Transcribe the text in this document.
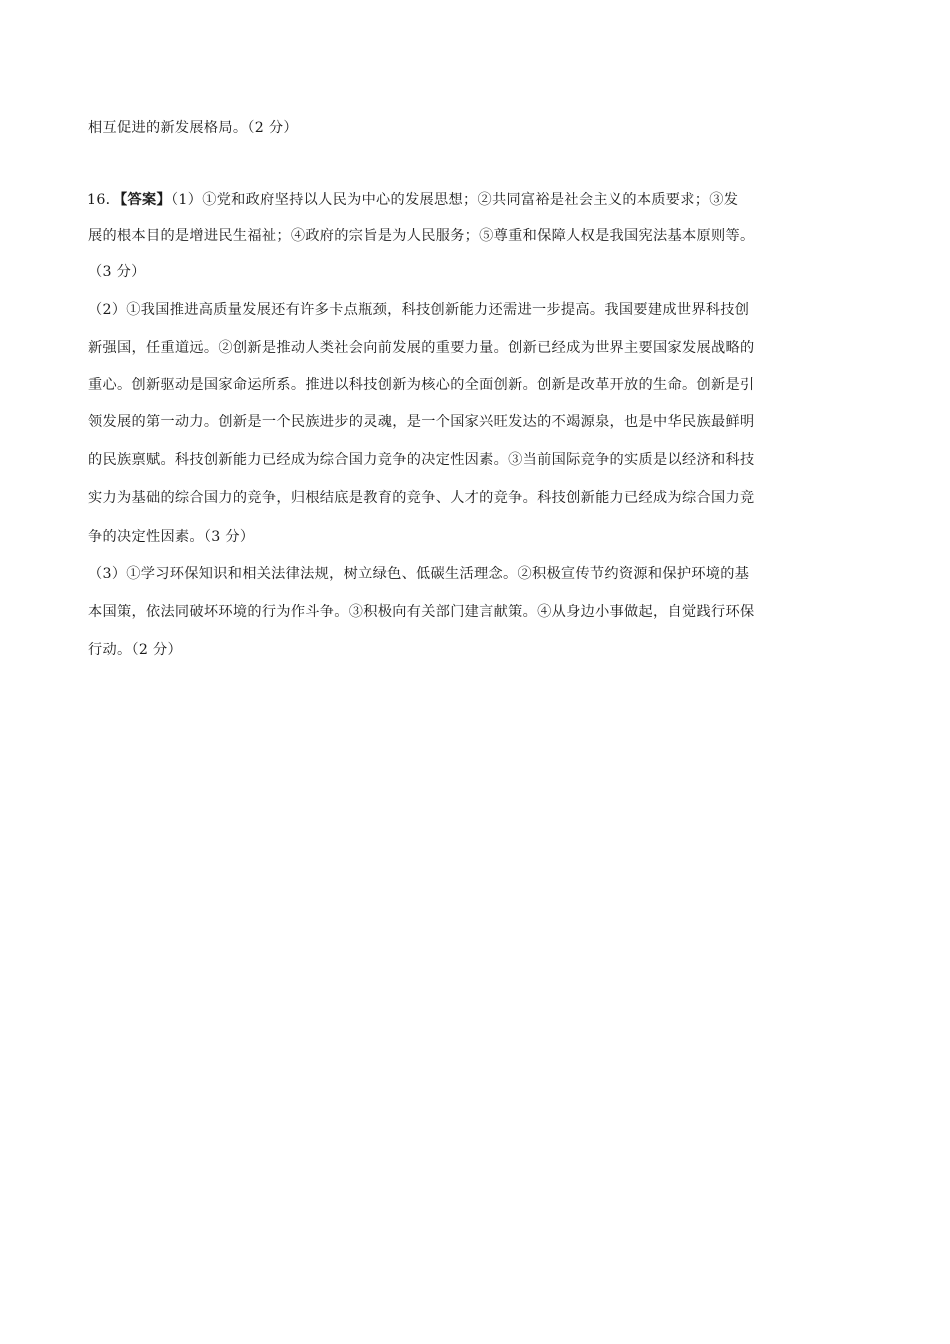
相互促进的新发展格局。（2 分）
16．【答案】（1）①党和政府坚持以人民为中心的发展思想；②共同富裕是社会主义的本质要求；③发
展的根本目的是增进民生福祉；④政府的宗旨是为人民服务；⑤尊重和保障人权是我国宪法基本原则等。
（3 分）
（2）①我国推进高质量发展还有许多卡点瓶颈，科技创新能力还需进一步提高。我国要建成世界科技创
新强国，任重道远。②创新是推动人类社会向前发展的重要力量。创新已经成为世界主要国家发展战略的
重心。创新驱动是国家命运所系。推进以科技创新为核心的全面创新。创新是改革开放的生命。创新是引
领发展的第一动力。创新是一个民族进步的灵魂，是一个国家兴旺发达的不竭源泉，也是中华民族最鲜明
的民族禀赋。科技创新能力已经成为综合国力竞争的决定性因素。③当前国际竞争的实质是以经济和科技
实力为基础的综合国力的竞争，归根结底是教育的竞争、人才的竞争。科技创新能力已经成为综合国力竞
争的决定性因素。（3 分）
（3）①学习环保知识和相关法律法规，树立绿色、低碳生活理念。②积极宣传节约资源和保护环境的基
本国策，依法同破坏环境的行为作斗争。③积极向有关部门建言献策。④从身边小事做起，自觉践行环保
行动。（2 分）
